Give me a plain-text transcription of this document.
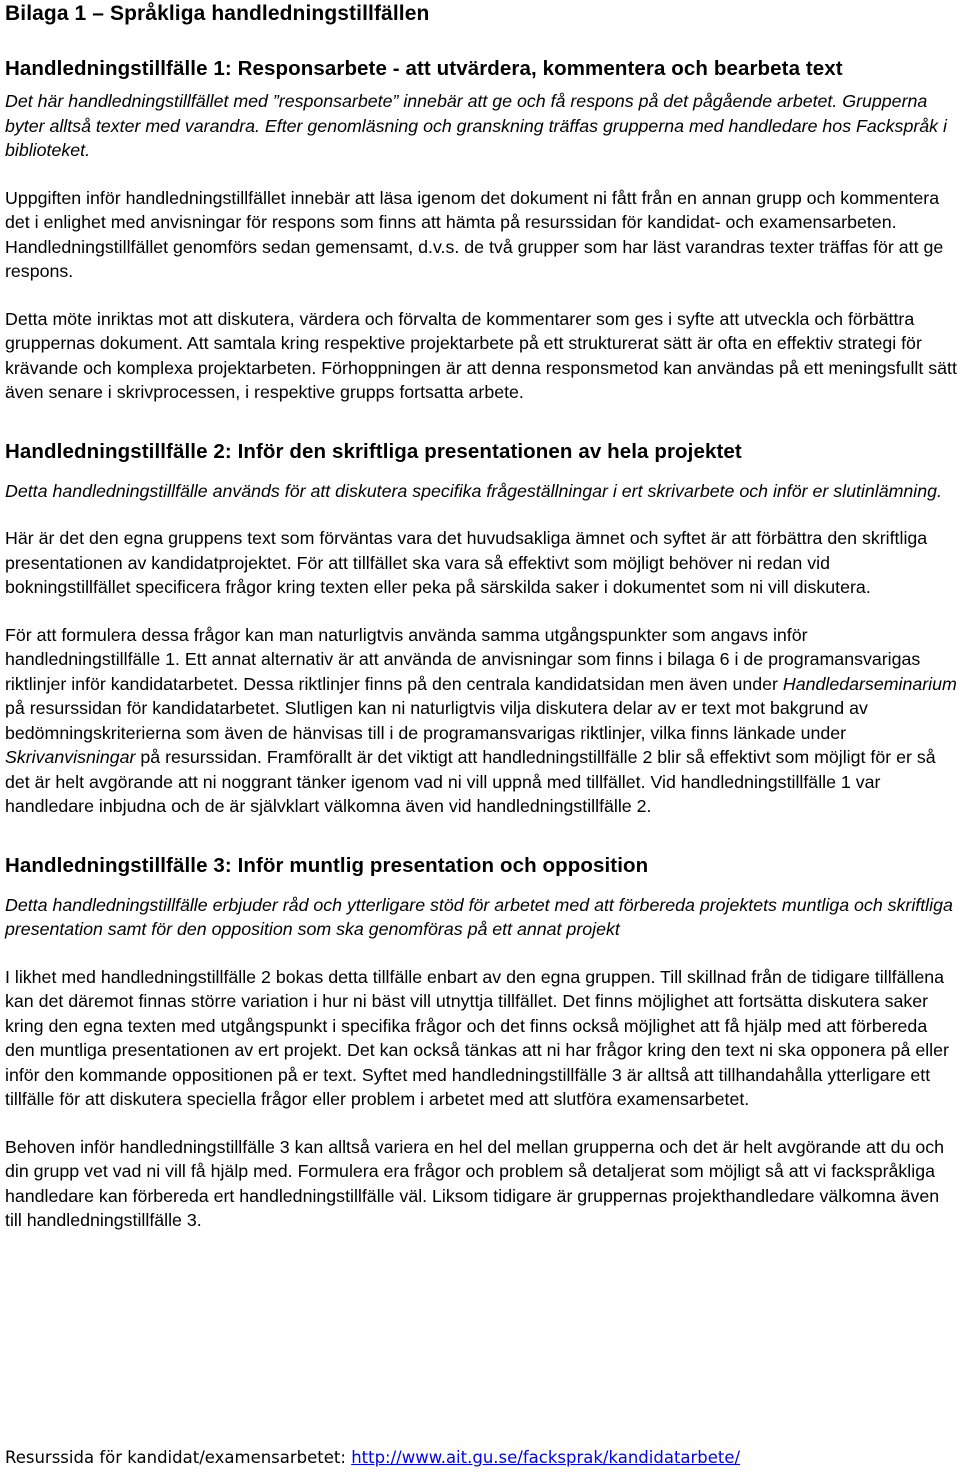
Bilaga 1 – Språkliga handledningstillfällen
Handledningstillfälle 1: Responsarbete - att utvärdera, kommentera och bearbeta text

Det här handledningstillfället med ”responsarbete” innebär att ge och få respons på det pågående arbetet. Grupperna byter alltså texter med varandra. Efter genomläsning och granskning träffas grupperna med handledare hos Fackspråk i biblioteket.

Uppgiften inför handledningstillfället innebär att läsa igenom det dokument ni fått från en annan grupp och kommentera det i enlighet med anvisningar för respons som finns att hämta på resurssidan för kandidat- och examensarbeten. Handledningstillfället genomförs sedan gemensamt, d.v.s. de två grupper som har läst varandras texter träffas för att ge respons.

Detta möte inriktas mot att diskutera, värdera och förvalta de kommentarer som ges i syfte att utveckla och förbättra gruppernas dokument. Att samtala kring respektive projektarbete på ett strukturerat sätt är ofta en effektiv strategi för krävande och komplexa projektarbeten. Förhoppningen är att denna responsmetod kan användas på ett meningsfullt sätt även senare i skrivprocessen, i respektive grupps fortsatta arbete.

Handledningstillfälle 2: Inför den skriftliga presentationen av hela projektet

Detta handledningstillfälle används för att diskutera specifika frågeställningar i ert skrivarbete och inför er slutinlämning.

Här är det den egna gruppens text som förväntas vara det huvudsakliga ämnet och syftet är att förbättra den skriftliga presentationen av kandidatprojektet. För att tillfället ska vara så effektivt som möjligt behöver ni redan vid bokningstillfället specificera frågor kring texten eller peka på särskilda saker i dokumentet som ni vill diskutera.

För att formulera dessa frågor kan man naturligtvis använda samma utgångspunkter som angavs inför handledningstillfälle 1. Ett annat alternativ är att använda de anvisningar som finns i bilaga 6 i de programansvarigas riktlinjer inför kandidatarbetet. Dessa riktlinjer finns på den centrala kandidatsidan men även under Handledarseminarium på resurssidan för kandidatarbetet. Slutligen kan ni naturligtvis vilja diskutera delar av er text mot bakgrund av bedömningskriterierna som även de hänvisas till i de programansvarigas riktlinjer, vilka finns länkade under Skrivanvisningar på resurssidan. Framförallt är det viktigt att handledningstillfälle 2 blir så effektivt som möjligt för er så det är helt avgörande att ni noggrant tänker igenom vad ni vill uppnå med tillfället. Vid handledningstillfälle 1 var handledare inbjudna och de är självklart välkomna även vid handledningstillfälle 2.

Handledningstillfälle 3: Inför muntlig presentation och opposition

Detta handledningstillfälle erbjuder råd och ytterligare stöd för arbetet med att förbereda projektets muntliga och skriftliga presentation samt för den opposition som ska genomföras på ett annat projekt

I likhet med handledningstillfälle 2 bokas detta tillfälle enbart av den egna gruppen. Till skillnad från de tidigare tillfällena kan det däremot finnas större variation i hur ni bäst vill utnyttja tillfället. Det finns möjlighet att fortsätta diskutera saker kring den egna texten med utgångspunkt i specifika frågor och det finns också möjlighet att få hjälp med att förbereda den muntliga presentationen av ert projekt. Det kan också tänkas att ni har frågor kring den text ni ska opponera på eller inför den kommande oppositionen på er text. Syftet med handledningstillfälle 3 är alltså att tillhandahålla ytterligare ett tillfälle för att diskutera speciella frågor eller problem i arbetet med att slutföra examensarbetet.

Behoven inför handledningstillfälle 3 kan alltså variera en hel del mellan grupperna och det är helt avgörande att du och din grupp vet vad ni vill få hjälp med. Formulera era frågor och problem så detaljerat som möjligt så att vi fackspråkliga handledare kan förbereda ert handledningstillfälle väl. Liksom tidigare är gruppernas projekthandledare välkomna även till handledningstillfälle 3.

Resurssida för kandidat/examensarbetet: http://www.ait.gu.se/facksprak/kandidatarbete/
